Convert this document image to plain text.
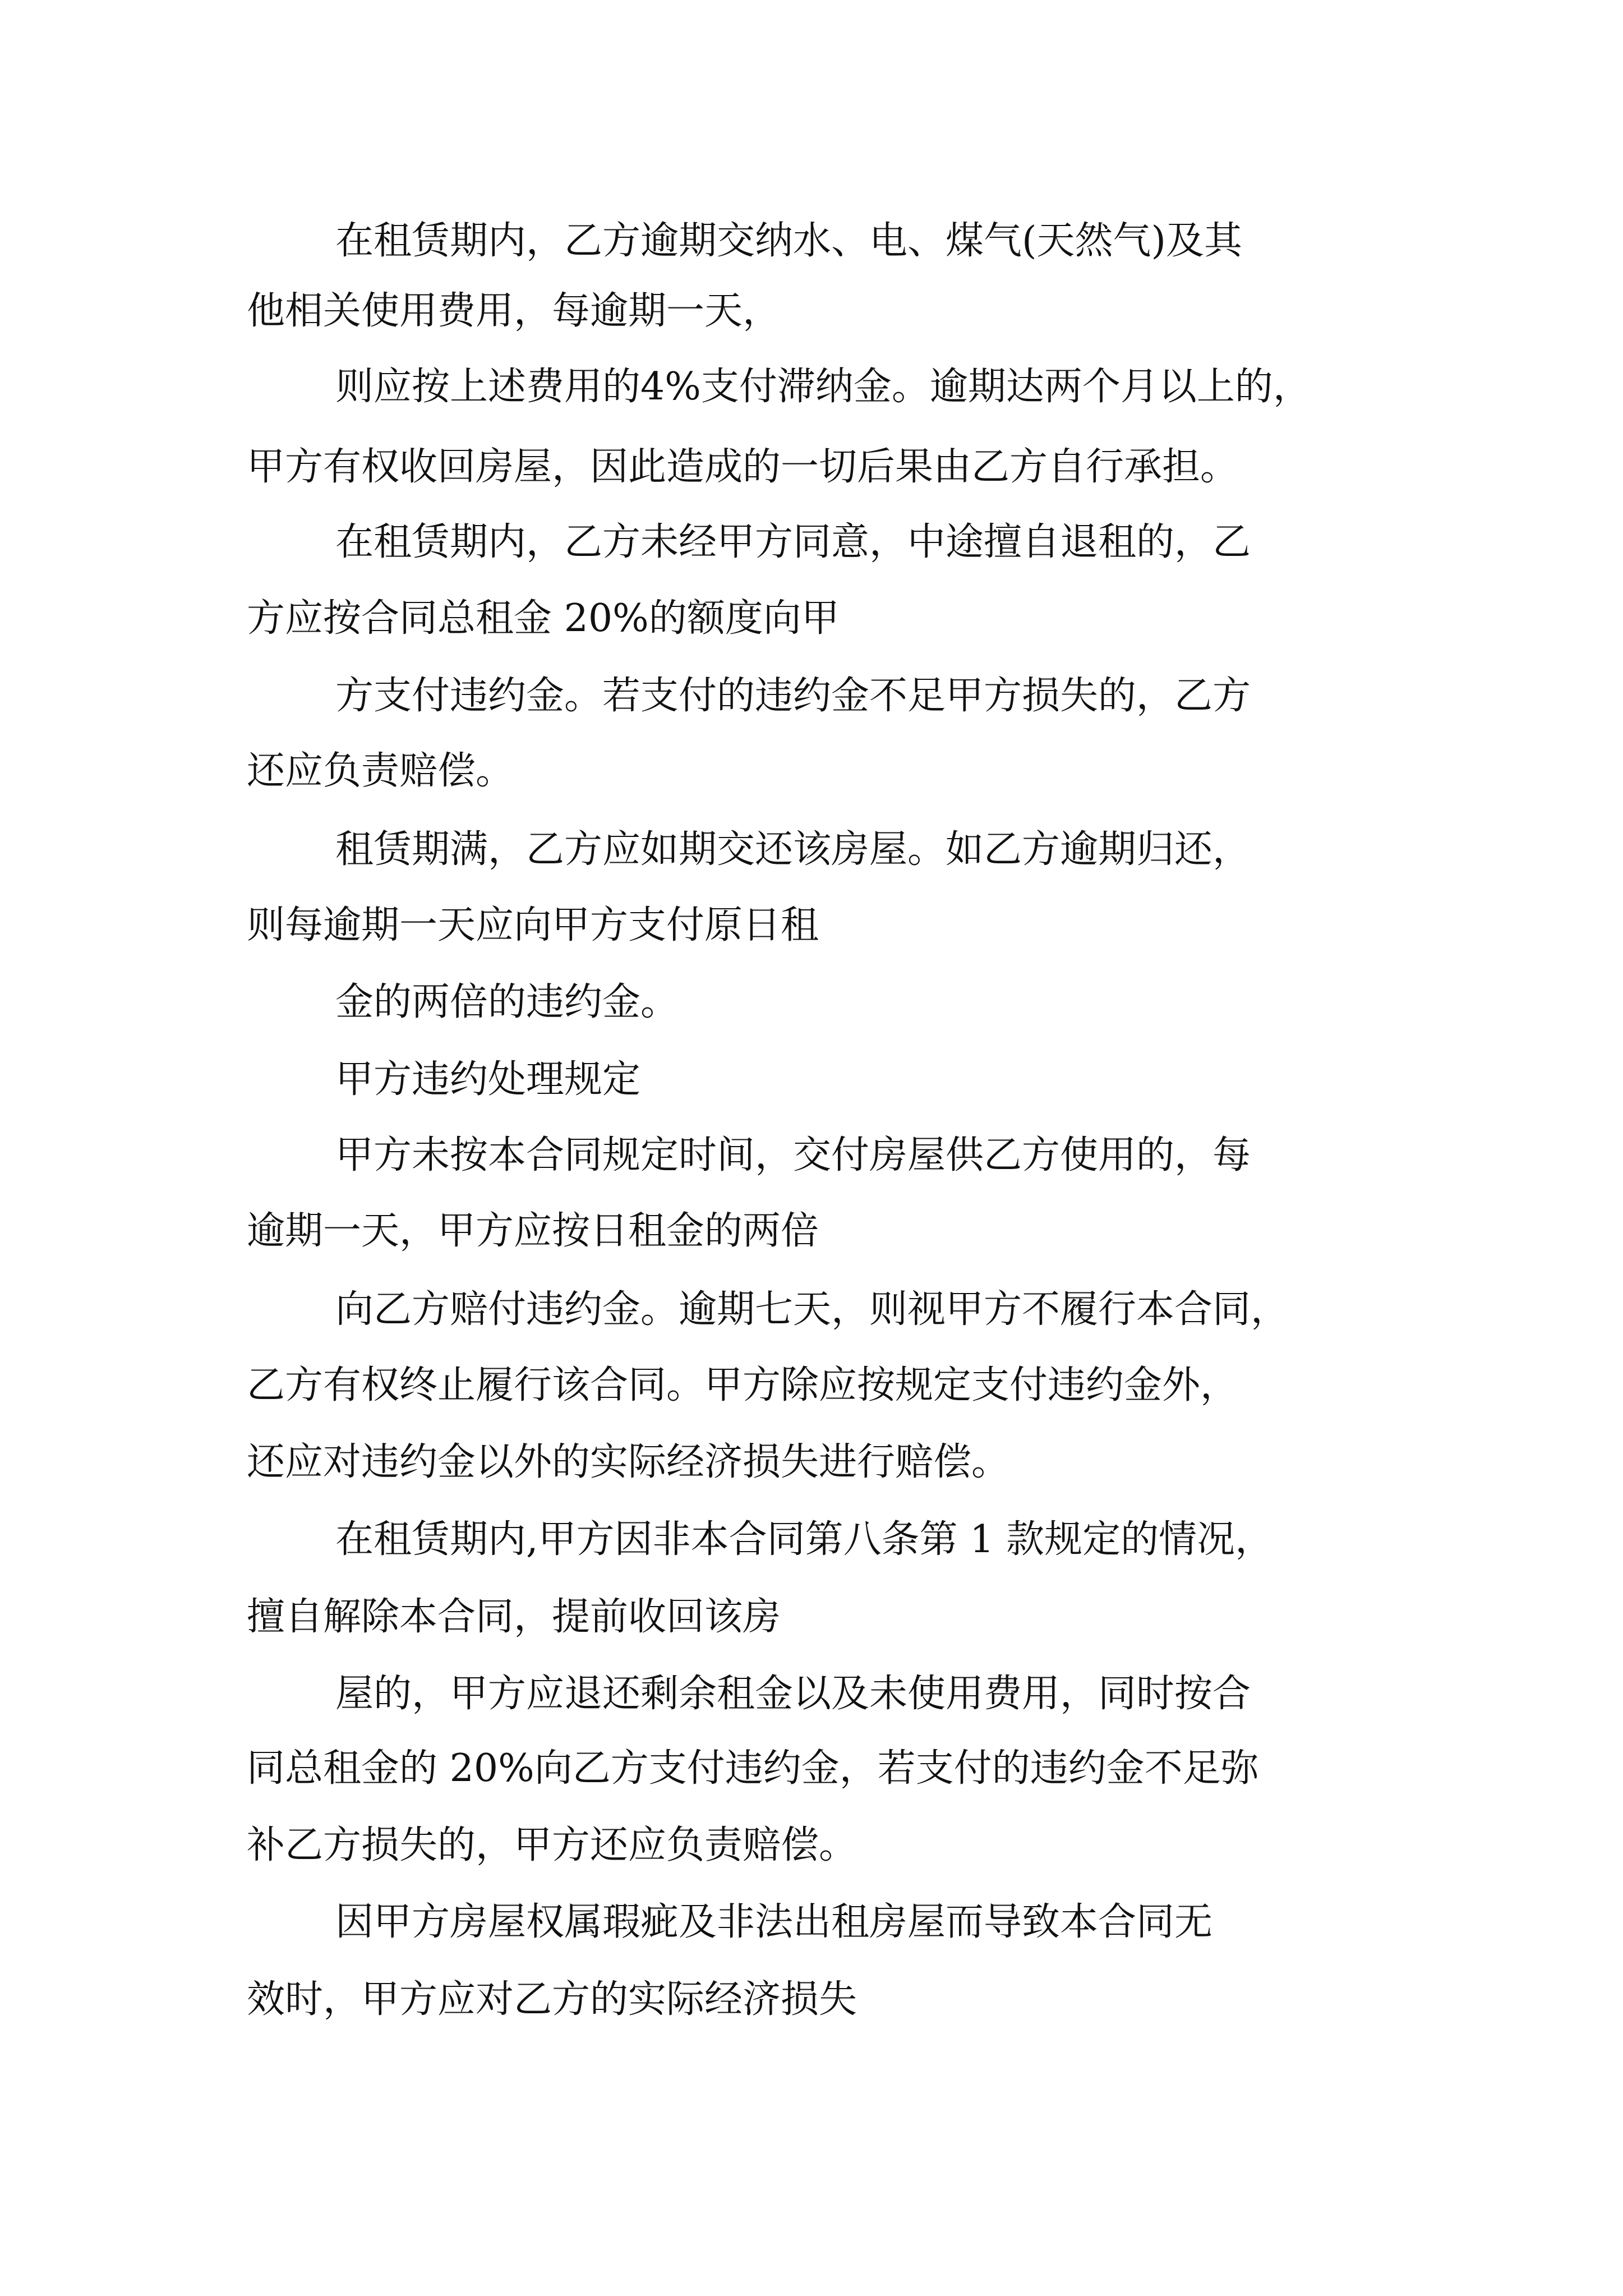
在租赁期内，乙方逾期交纳水、电、煤气(天然气)及其

他相关使用费用，每逾期一天，

则应按上述费用的4%支付滞纳金。逾期达两个月以上的，

甲方有权收回房屋，因此造成的一切后果由乙方自行承担。

在租赁期内，乙方未经甲方同意，中途擅自退租的，乙

方应按合同总租金 20%的额度向甲

方支付违约金。若支付的违约金不足甲方损失的，乙方

还应负责赔偿。

租赁期满，乙方应如期交还该房屋。如乙方逾期归还，

则每逾期一天应向甲方支付原日租

金的两倍的违约金。

甲方违约处理规定

甲方未按本合同规定时间，交付房屋供乙方使用的，每

逾期一天，甲方应按日租金的两倍

向乙方赔付违约金。逾期七天，则视甲方不履行本合同，

乙方有权终止履行该合同。甲方除应按规定支付违约金外，

还应对违约金以外的实际经济损失进行赔偿。

在租赁期内,甲方因非本合同第八条第 1 款规定的情况，

擅自解除本合同，提前收回该房

屋的，甲方应退还剩余租金以及未使用费用，同时按合

同总租金的 20%向乙方支付违约金，若支付的违约金不足弥

补乙方损失的，甲方还应负责赔偿。

因甲方房屋权属瑕疵及非法出租房屋而导致本合同无

效时，甲方应对乙方的实际经济损失
